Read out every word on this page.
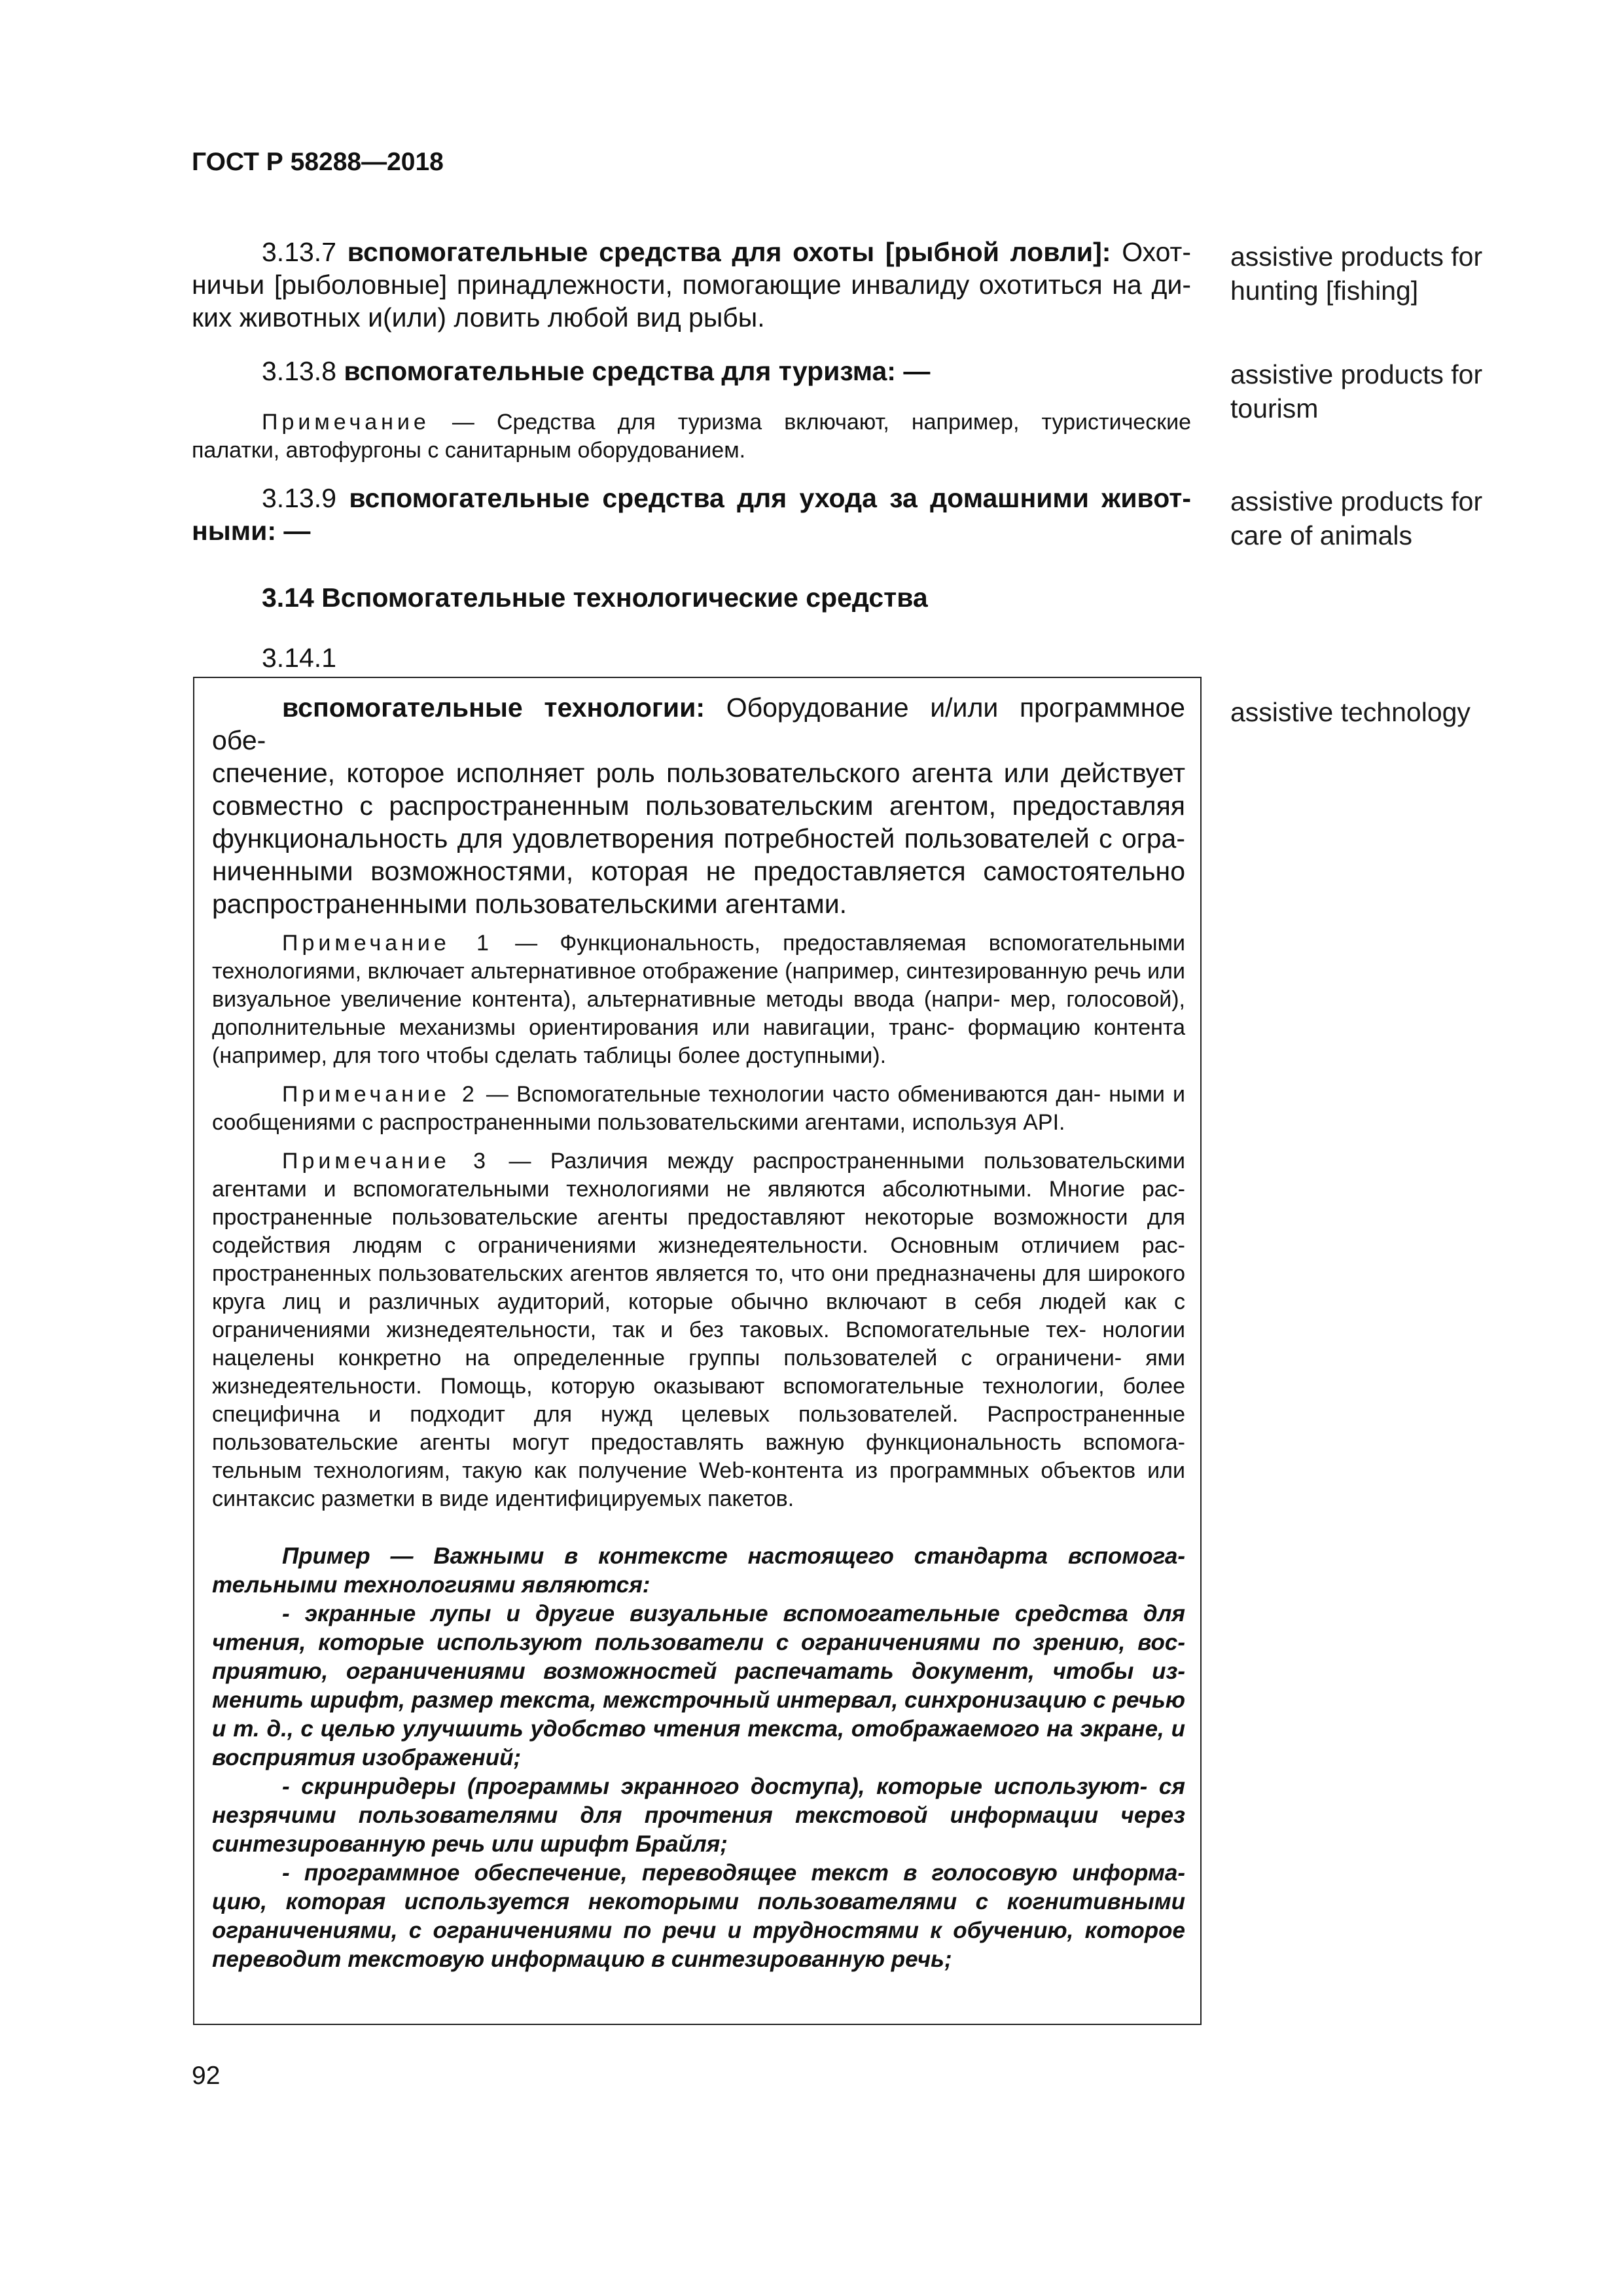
ГОСТ Р 58288—2018
3.13.7 вспомогательные средства для охоты [рыбной ловли]: Охот-
ничьи [рыболовные] принадлежности, помогающие инвалиду охотиться на ди-
ких животных и(или) ловить любой вид рыбы.
assistive products for
hunting [fishing]
3.13.8 вспомогательные средства для туризма: —
Примечание — Средства для туризма включают, например, туристические
палатки, автофургоны с санитарным оборудованием.
assistive products for
tourism
3.13.9 вспомогательные средства для ухода за домашними живот-
ными: —
assistive products for
care of animals
3.14 Вспомогательные технологические средства
3.14.1
вспомогательные технологии: Оборудование и/или программное обе-
спечение, которое исполняет роль пользовательского агента или действует
совместно с распространенным пользовательским агентом, предоставляя
функциональность для удовлетворения потребностей пользователей с огра-
ниченными возможностями, которая не предоставляется самостоятельно
распространенными пользовательскими агентами.
Примечание 1 — Функциональность, предоставляемая вспомогательными технологиями, включает альтернативное отображение (например, синтезированную речь или визуальное увеличение контента), альтернативные методы ввода (напри- мер, голосовой), дополнительные механизмы ориентирования или навигации, транс- формацию контента (например, для того чтобы сделать таблицы более доступными).
Примечание 2 — Вспомогательные технологии часто обмениваются дан- ными и сообщениями с распространенными пользовательскими агентами, используя API.
Примечание 3 — Различия между распространенными пользовательскими агентами и вспомогательными технологиями не являются абсолютными. Многие рас- пространенные пользовательские агенты предоставляют некоторые возможности для содействия людям с ограничениями жизнедеятельности. Основным отличием рас- пространенных пользовательских агентов является то, что они предназначены для широкого круга лиц и различных аудиторий, которые обычно включают в себя людей как с ограничениями жизнедеятельности, так и без таковых. Вспомогательные тех- нологии нацелены конкретно на определенные группы пользователей с ограничени- ями жизнедеятельности. Помощь, которую оказывают вспомогательные технологии, более специфична и подходит для нужд целевых пользователей. Распространенные пользовательские агенты могут предоставлять важную функциональность вспомога- тельным технологиям, такую как получение Web-контента из программных объектов или синтаксис разметки в виде идентифицируемых пакетов.
Пример — Важными в контексте настоящего стандарта вспомога- тельными технологиями являются:
- экранные лупы и другие визуальные вспомогательные средства для чтения, которые используют пользователи с ограничениями по зрению, вос- приятию, ограничениями возможностей распечатать документ, чтобы из- менить шрифт, размер текста, межстрочный интервал, синхронизацию с речью и т. д., с целью улучшить удобство чтения текста, отображаемого на экране, и восприятия изображений;
- скринридеры (программы экранного доступа), которые используют- ся незрячими пользователями для прочтения текстовой информации через синтезированную речь или шрифт Брайля;
- программное обеспечение, переводящее текст в голосовую информа- цию, которая используется некоторыми пользователями с когнитивными ограничениями, с ограничениями по речи и трудностями к обучению, которое переводит текстовую информацию в синтезированную речь;
assistive technology
92
